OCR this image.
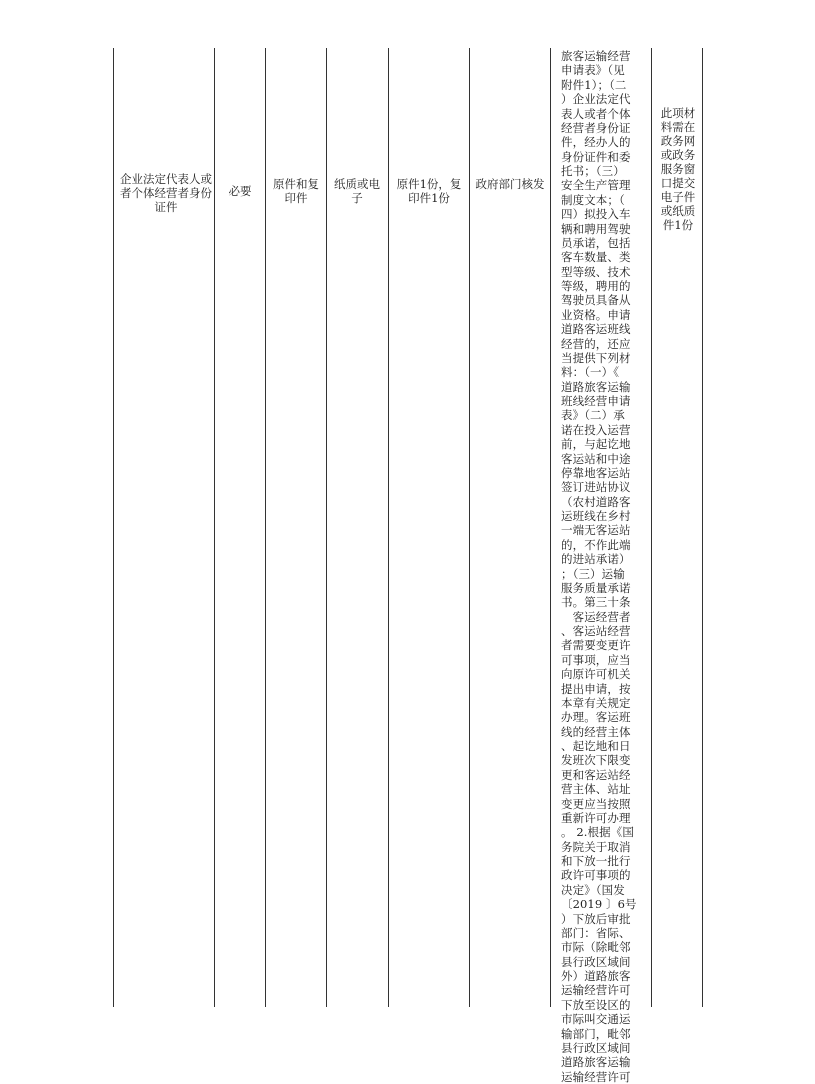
企业法定代表人或者个体经营者身份证件
必要	原件和复印件
纸质或电子
原件1份，复印件1份
政府部门核发
旅客运输经营
申请表》（见
附件1）；（二
）企业法定代
表人或者个体
经营者身份证
件，经办人的
身份证件和委
托书；（三）
安全生产管理
制度文本；（
四）拟投入车
辆和聘用驾驶
员承诺，包括
客车数量、类
型等级、技术
等级，聘用的
驾驶员具备从
业资格。申请
道路客运班线
经营的，还应
当提供下列材
料：（一）《
道路旅客运输
班线经营申请
表》（二）承
诺在投入运营
前，与起讫地
客运站和中途
停靠地客运站
签订进站协议
（农村道路客
运班线在乡村
一端无客运站
的，不作此端
的进站承诺）
；（三）运输
服务质量承诺
书。第三十条
　客运经营者
、客运站经营
者需要变更许
可事项，应当
向原许可机关
提出申请，按
本章有关规定
办理。客运班
线的经营主体
、起讫地和日
发班次下限变
更和客运站经
营主体、站址
变更应当按照
重新许可办理
。 2.根据《国
务院关于取消
和下放一批行
政许可事项的
决定》（国发
〔2019 〕6号
）下放后审批
部门：省际、
市际（除毗邻
县行政区域间
外）道路旅客
运输经营许可
下放至设区的
市际叫交通运
输部门，毗邻
县行政区域间
道路旅客运输
运输经营许可
此项材料需在政务网或政务服务窗口提交电子件或纸质件1份
